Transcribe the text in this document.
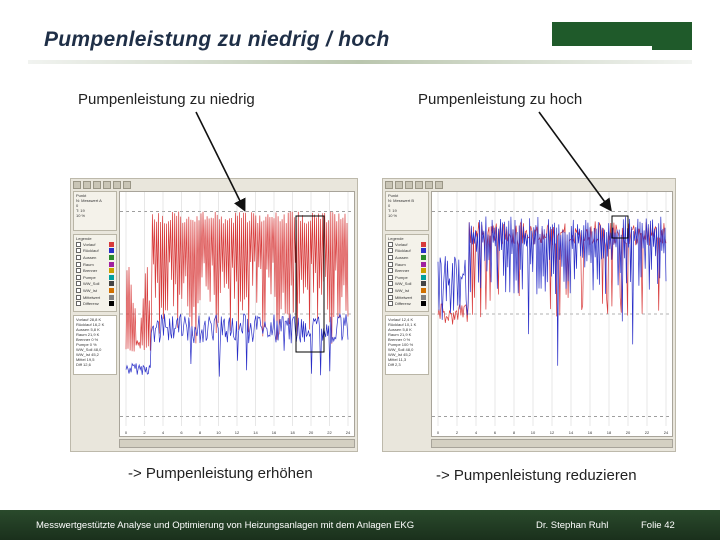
Pumpenleistung zu niedrig / hoch
Pumpenleistung zu niedrig	Pumpenleistung zu hoch
Punkt
N: Messwert A
0
T: 19
10 %
Legende
Vorlauf
Rücklauf
Aussen
Raum
Brenner
Pumpe
WW_Soll
WW_Ist
Mittelwert
Differenz
Vorlauf 28,8 K
Rücklauf 16,2 K
Aussen 5,8 K
Raum 21,9 K
Brenner 0 %
Pumpe 0 %
WW_Soll 48,0
WW_Ist 45,2
Mittel 19,5
Diff 12,6
0	2	4	6	8	10	12	14	16	18	20	22	24
Punkt
N: Messwert B
0
T: 19
10 %
Legende
Vorlauf
Rücklauf
Aussen
Raum
Brenner
Pumpe
WW_Soll
WW_Ist
Mittelwert
Differenz
Vorlauf 12,4 K
Rücklauf 10,1 K
Aussen 5,8 K
Raum 21,9 K
Brenner 0 %
Pumpe 100 %
WW_Soll 48,0
WW_Ist 45,2
Mittel 11,3
Diff 2,3
0	2	4	6	8	10	12	14	16	18	20	22	24
-> Pumpenleistung erhöhen	-> Pumpenleistung reduzieren
Messwertgestützte Analyse und Optimierung von Heizungsanlagen mit dem Anlagen EKG	Dr. Stephan Ruhl	Folie 42
